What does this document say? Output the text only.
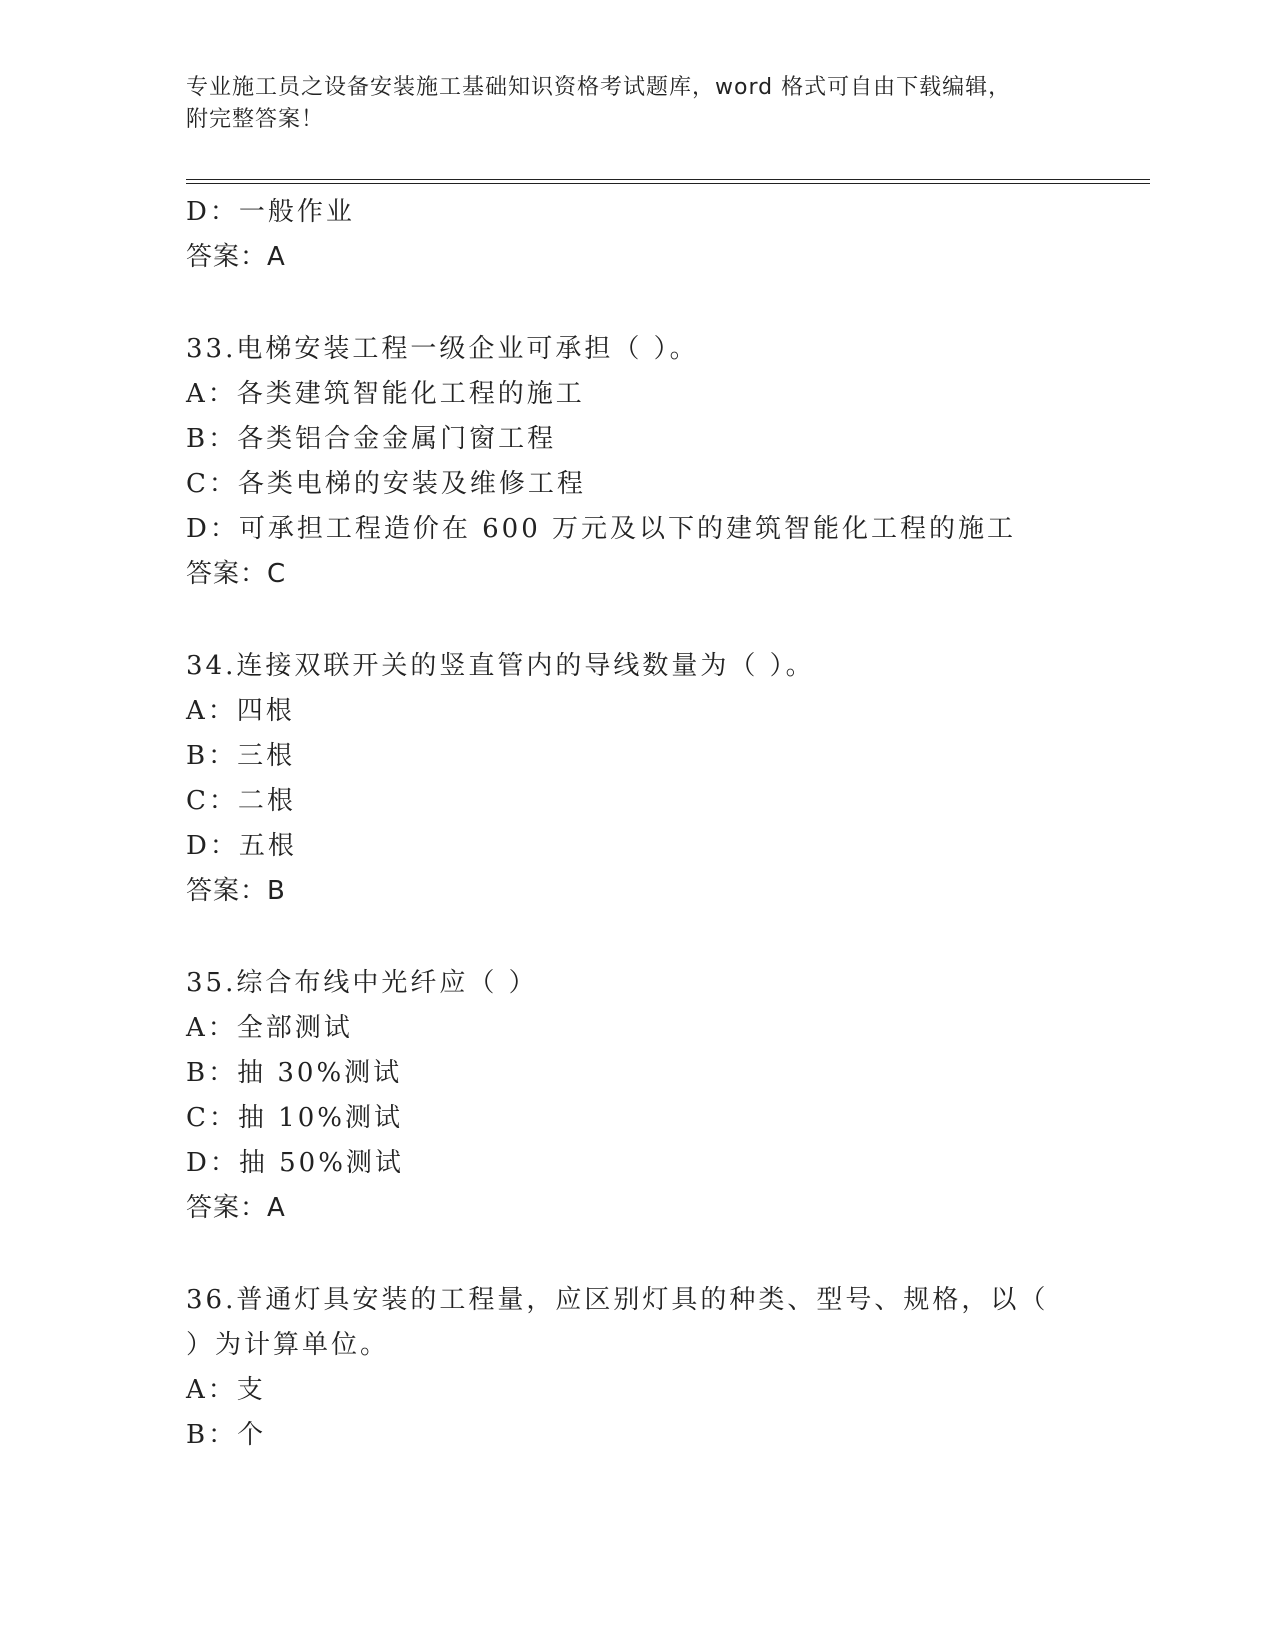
专业施工员之设备安装施工基础知识资格考试题库，word 格式可自由下载编辑，
附完整答案！
D：一般作业
答案：A
33.电梯安装工程一级企业可承担（ ）。
A：各类建筑智能化工程的施工
B：各类铝合金金属门窗工程
C：各类电梯的安装及维修工程
D：可承担工程造价在 600 万元及以下的建筑智能化工程的施工
答案：C
34.连接双联开关的竖直管内的导线数量为（ ）。
A：四根
B：三根
C：二根
D：五根
答案：B
35.综合布线中光纤应（ ）
A：全部测试
B：抽 30%测试
C：抽 10%测试
D：抽 50%测试
答案：A
36.普通灯具安装的工程量，应区别灯具的种类、型号、规格，以（
）为计算单位。
A：支
B：个
